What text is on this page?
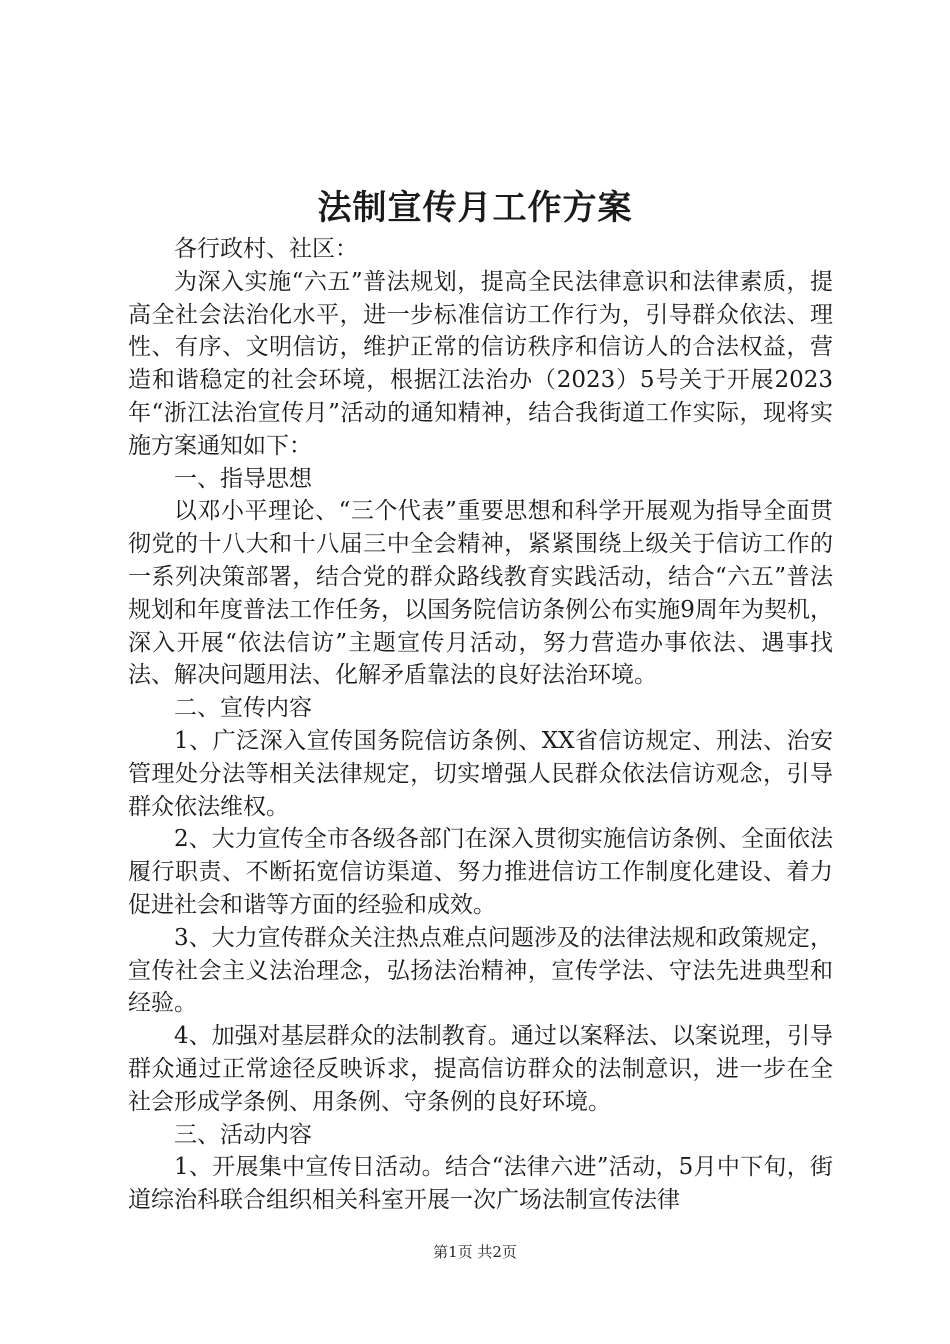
法制宣传月工作方案

各行政村、社区：

为深入实施“六五”普法规划，提高全民法律意识和法律素质，提高全社会法治化水平，进一步标准信访工作行为，引导群众依法、理性、有序、文明信访，维护正常的信访秩序和信访人的合法权益，营造和谐稳定的社会环境，根据江法治办（2023）5号关于开展2023年“浙江法治宣传月”活动的通知精神，结合我街道工作实际，现将实施方案通知如下：

一、指导思想

以邓小平理论、“三个代表”重要思想和科学开展观为指导全面贯彻党的十八大和十八届三中全会精神，紧紧围绕上级关于信访工作的一系列决策部署，结合党的群众路线教育实践活动，结合“六五”普法规划和年度普法工作任务，以国务院信访条例公布实施9周年为契机，深入开展“依法信访”主题宣传月活动，努力营造办事依法、遇事找法、解决问题用法、化解矛盾靠法的良好法治环境。

二、宣传内容

1、广泛深入宣传国务院信访条例、XX省信访规定、刑法、治安管理处分法等相关法律规定，切实增强人民群众依法信访观念，引导群众依法维权。

2、大力宣传全市各级各部门在深入贯彻实施信访条例、全面依法履行职责、不断拓宽信访渠道、努力推进信访工作制度化建设、着力促进社会和谐等方面的经验和成效。

3、大力宣传群众关注热点难点问题涉及的法律法规和政策规定，宣传社会主义法治理念，弘扬法治精神，宣传学法、守法先进典型和经验。

4、加强对基层群众的法制教育。通过以案释法、以案说理，引导群众通过正常途径反映诉求，提高信访群众的法制意识，进一步在全社会形成学条例、用条例、守条例的良好环境。

三、活动内容

1、开展集中宣传日活动。结合“法律六进”活动，5月中下旬，街道综治科联合组织相关科室开展一次广场法制宣传法律

第1页 共2页
